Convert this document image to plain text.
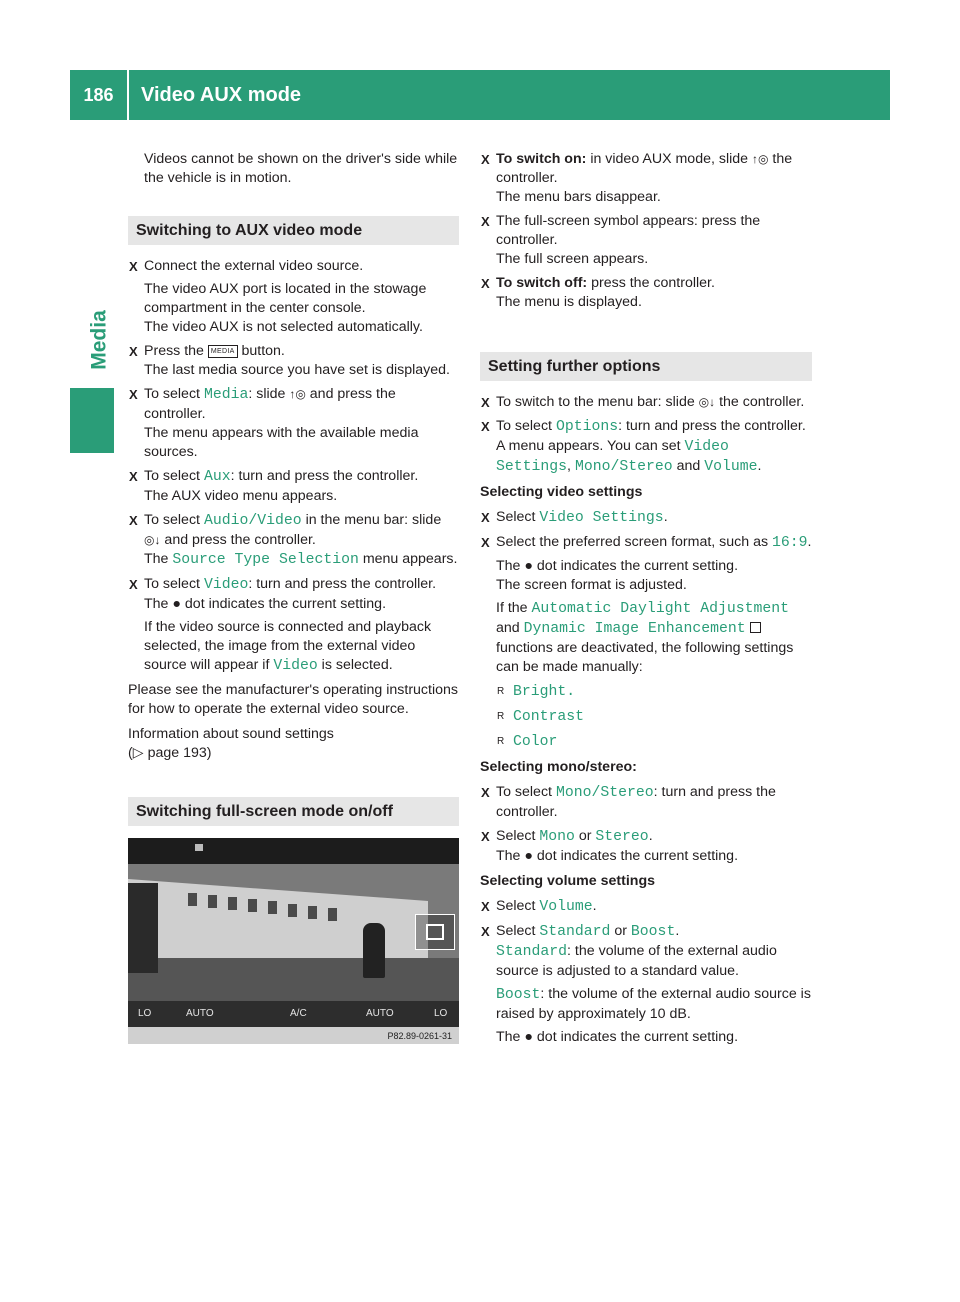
186	Video AUX mode
Media

Videos cannot be shown on the driver's side while the vehicle is in motion.

Switching to AUX video mode
X Connect the external video source.

The video AUX port is located in the stowage compartment in the center console.

The video AUX is not selected automatically.

X Press the MEDIA button.
The last media source you have set is displayed.

X To select Media: slide ↑◎ and press the controller.
The menu appears with the available media sources.

X To select Aux: turn and press the controller.
The AUX video menu appears.

X To select Audio/Video in the menu bar: slide ◎↓ and press the controller.
The Source Type Selection menu appears.

X To select Video: turn and press the controller.
The ● dot indicates the current setting.

If the video source is connected and playback selected, the image from the external video source will appear if Video is selected.

Please see the manufacturer's operating instructions for how to operate the external video source.

Information about sound settings
(▷ page 193)

Switching full-screen mode on/off
LO	AUTO	A/C	AUTO	LO
P82.89-0261-31
X To switch on: in video AUX mode, slide ↑◎ the controller.
The menu bars disappear.

X The full-screen symbol appears: press the controller.
The full screen appears.

X To switch off: press the controller.
The menu is displayed.

Setting further options
X To switch to the menu bar: slide ◎↓ the controller.

X To select Options: turn and press the controller.
A menu appears. You can set Video Settings, Mono/Stereo and Volume.

Selecting video settings

X Select Video Settings.

X Select the preferred screen format, such as 16:9.

The ● dot indicates the current setting.
The screen format is adjusted.

If the Automatic Daylight Adjustment
and Dynamic Image Enhancement  functions are deactivated, the following settings can be made manually:

R Bright.
R Contrast
R Color

Selecting mono/stereo:

X To select Mono/Stereo: turn and press the controller.

X Select Mono or Stereo.
The ● dot indicates the current setting.

Selecting volume settings

X Select Volume.

X Select Standard or Boost.
Standard: the volume of the external audio source is adjusted to a standard value.

Boost: the volume of the external audio source is raised by approximately 10 dB.

The ● dot indicates the current setting.
